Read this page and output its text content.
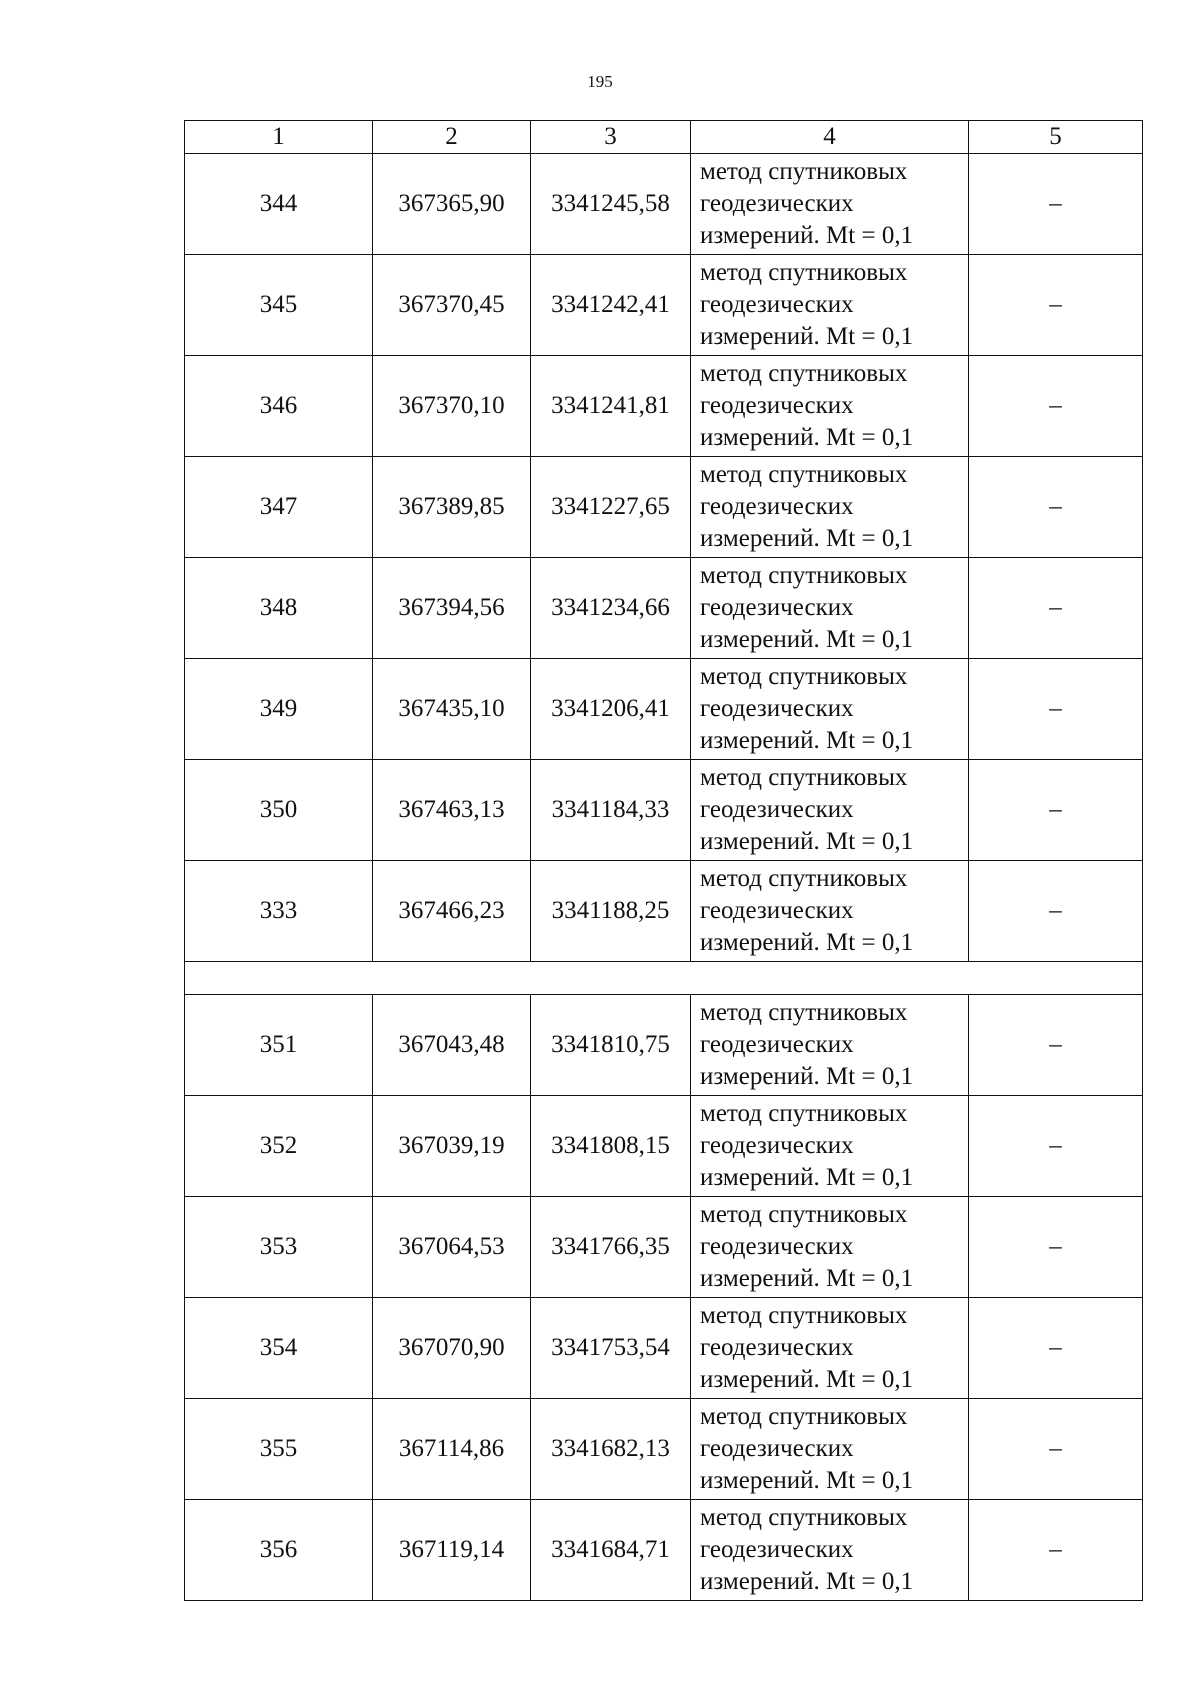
195
1	2	3	4	5
344	367365,90	3341245,58	метод спутниковых
геодезических
измерений. Mt = 0,1	–
345	367370,45	3341242,41	метод спутниковых
геодезических
измерений. Mt = 0,1	–
346	367370,10	3341241,81	метод спутниковых
геодезических
измерений. Mt = 0,1	–
347	367389,85	3341227,65	метод спутниковых
геодезических
измерений. Mt = 0,1	–
348	367394,56	3341234,66	метод спутниковых
геодезических
измерений. Mt = 0,1	–
349	367435,10	3341206,41	метод спутниковых
геодезических
измерений. Mt = 0,1	–
350	367463,13	3341184,33	метод спутниковых
геодезических
измерений. Mt = 0,1	–
333	367466,23	3341188,25	метод спутниковых
геодезических
измерений. Mt = 0,1	–

351	367043,48	3341810,75	метод спутниковых
геодезических
измерений. Mt = 0,1	–
352	367039,19	3341808,15	метод спутниковых
геодезических
измерений. Mt = 0,1	–
353	367064,53	3341766,35	метод спутниковых
геодезических
измерений. Mt = 0,1	–
354	367070,90	3341753,54	метод спутниковых
геодезических
измерений. Mt = 0,1	–
355	367114,86	3341682,13	метод спутниковых
геодезических
измерений. Mt = 0,1	–
356	367119,14	3341684,71	метод спутниковых
геодезических
измерений. Mt = 0,1	–
